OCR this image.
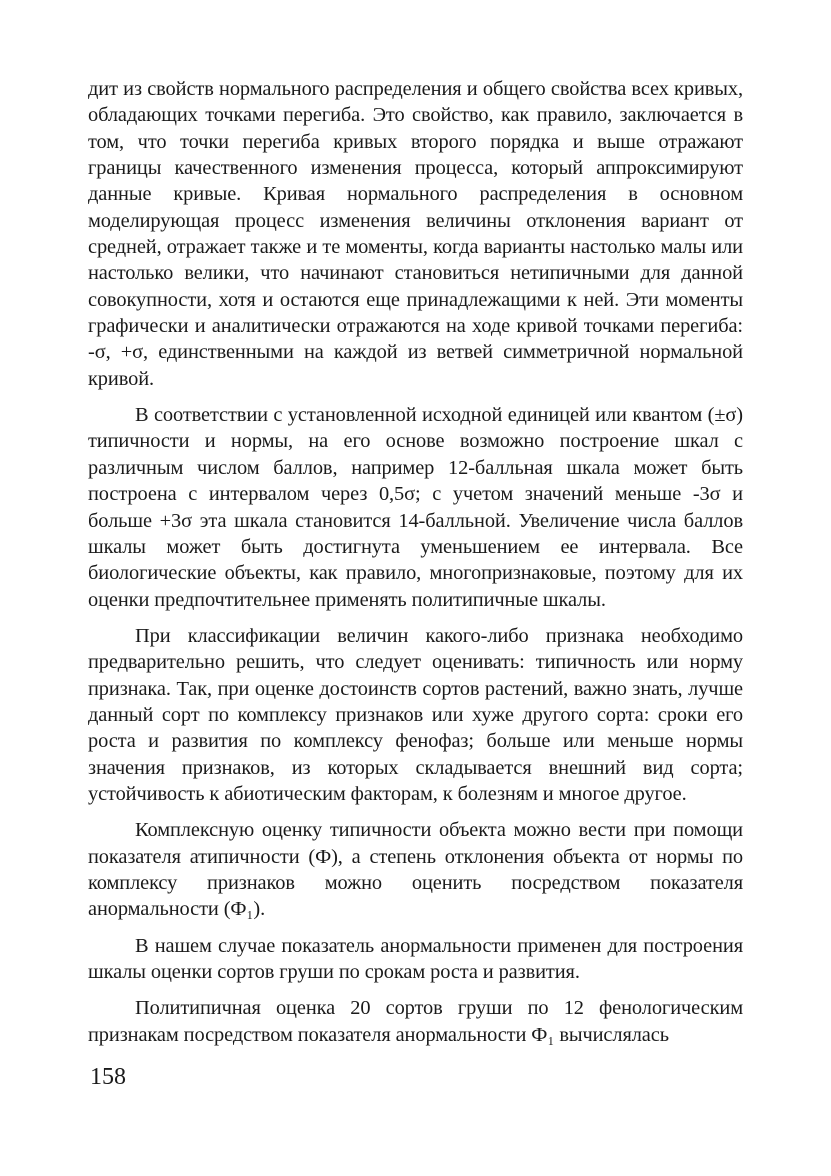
дит из свойств нормального распределения и общего свойства всех кривых, обладающих точками перегиба. Это свойство, как правило, заключается в том, что точки перегиба кривых второго порядка и выше отражают границы качественного изменения процесса, который аппроксимируют данные кривые. Кривая нормального распределения в основном моделирующая процесс изменения величины отклонения вариант от средней, отражает также и те моменты, когда варианты настолько малы или настолько велики, что начинают становиться нетипичными для данной совокупности, хотя и остаются еще принадлежащими к ней. Эти моменты графически и аналитически отражаются на ходе кривой точками перегиба: -σ, +σ, единственными на каждой из ветвей симметричной нормальной кривой.

В соответствии с установленной исходной единицей или квантом (±σ) типичности и нормы, на его основе возможно построение шкал с различным числом баллов, например 12-балльная шкала может быть построена с интервалом через 0,5σ; с учетом значений меньше -3σ и больше +3σ эта шкала становится 14-балльной. Увеличение числа баллов шкалы может быть достигнута уменьшением ее интервала. Все биологические объекты, как правило, многопризнаковые, поэтому для их оценки предпочтительнее применять политипичные шкалы.

При классификации величин какого-либо признака необходимо предварительно решить, что следует оценивать: типичность или норму признака. Так, при оценке достоинств сортов растений, важно знать, лучше данный сорт по комплексу признаков или хуже другого сорта: сроки его роста и развития по комплексу фенофаз; больше или меньше нормы значения признаков, из которых складывается внешний вид сорта; устойчивость к абиотическим факторам, к болезням и многое другое.

Комплексную оценку типичности объекта можно вести при помощи показателя атипичности (Ф), а степень отклонения объекта от нормы по комплексу признаков можно оценить посредством показателя анормальности (Ф₁).

В нашем случае показатель анормальности применен для построения шкалы оценки сортов груши по срокам роста и развития.

Политипичная оценка 20 сортов груши по 12 фенологическим признакам посредством показателя анормальности Ф₁ вычислялась

158
